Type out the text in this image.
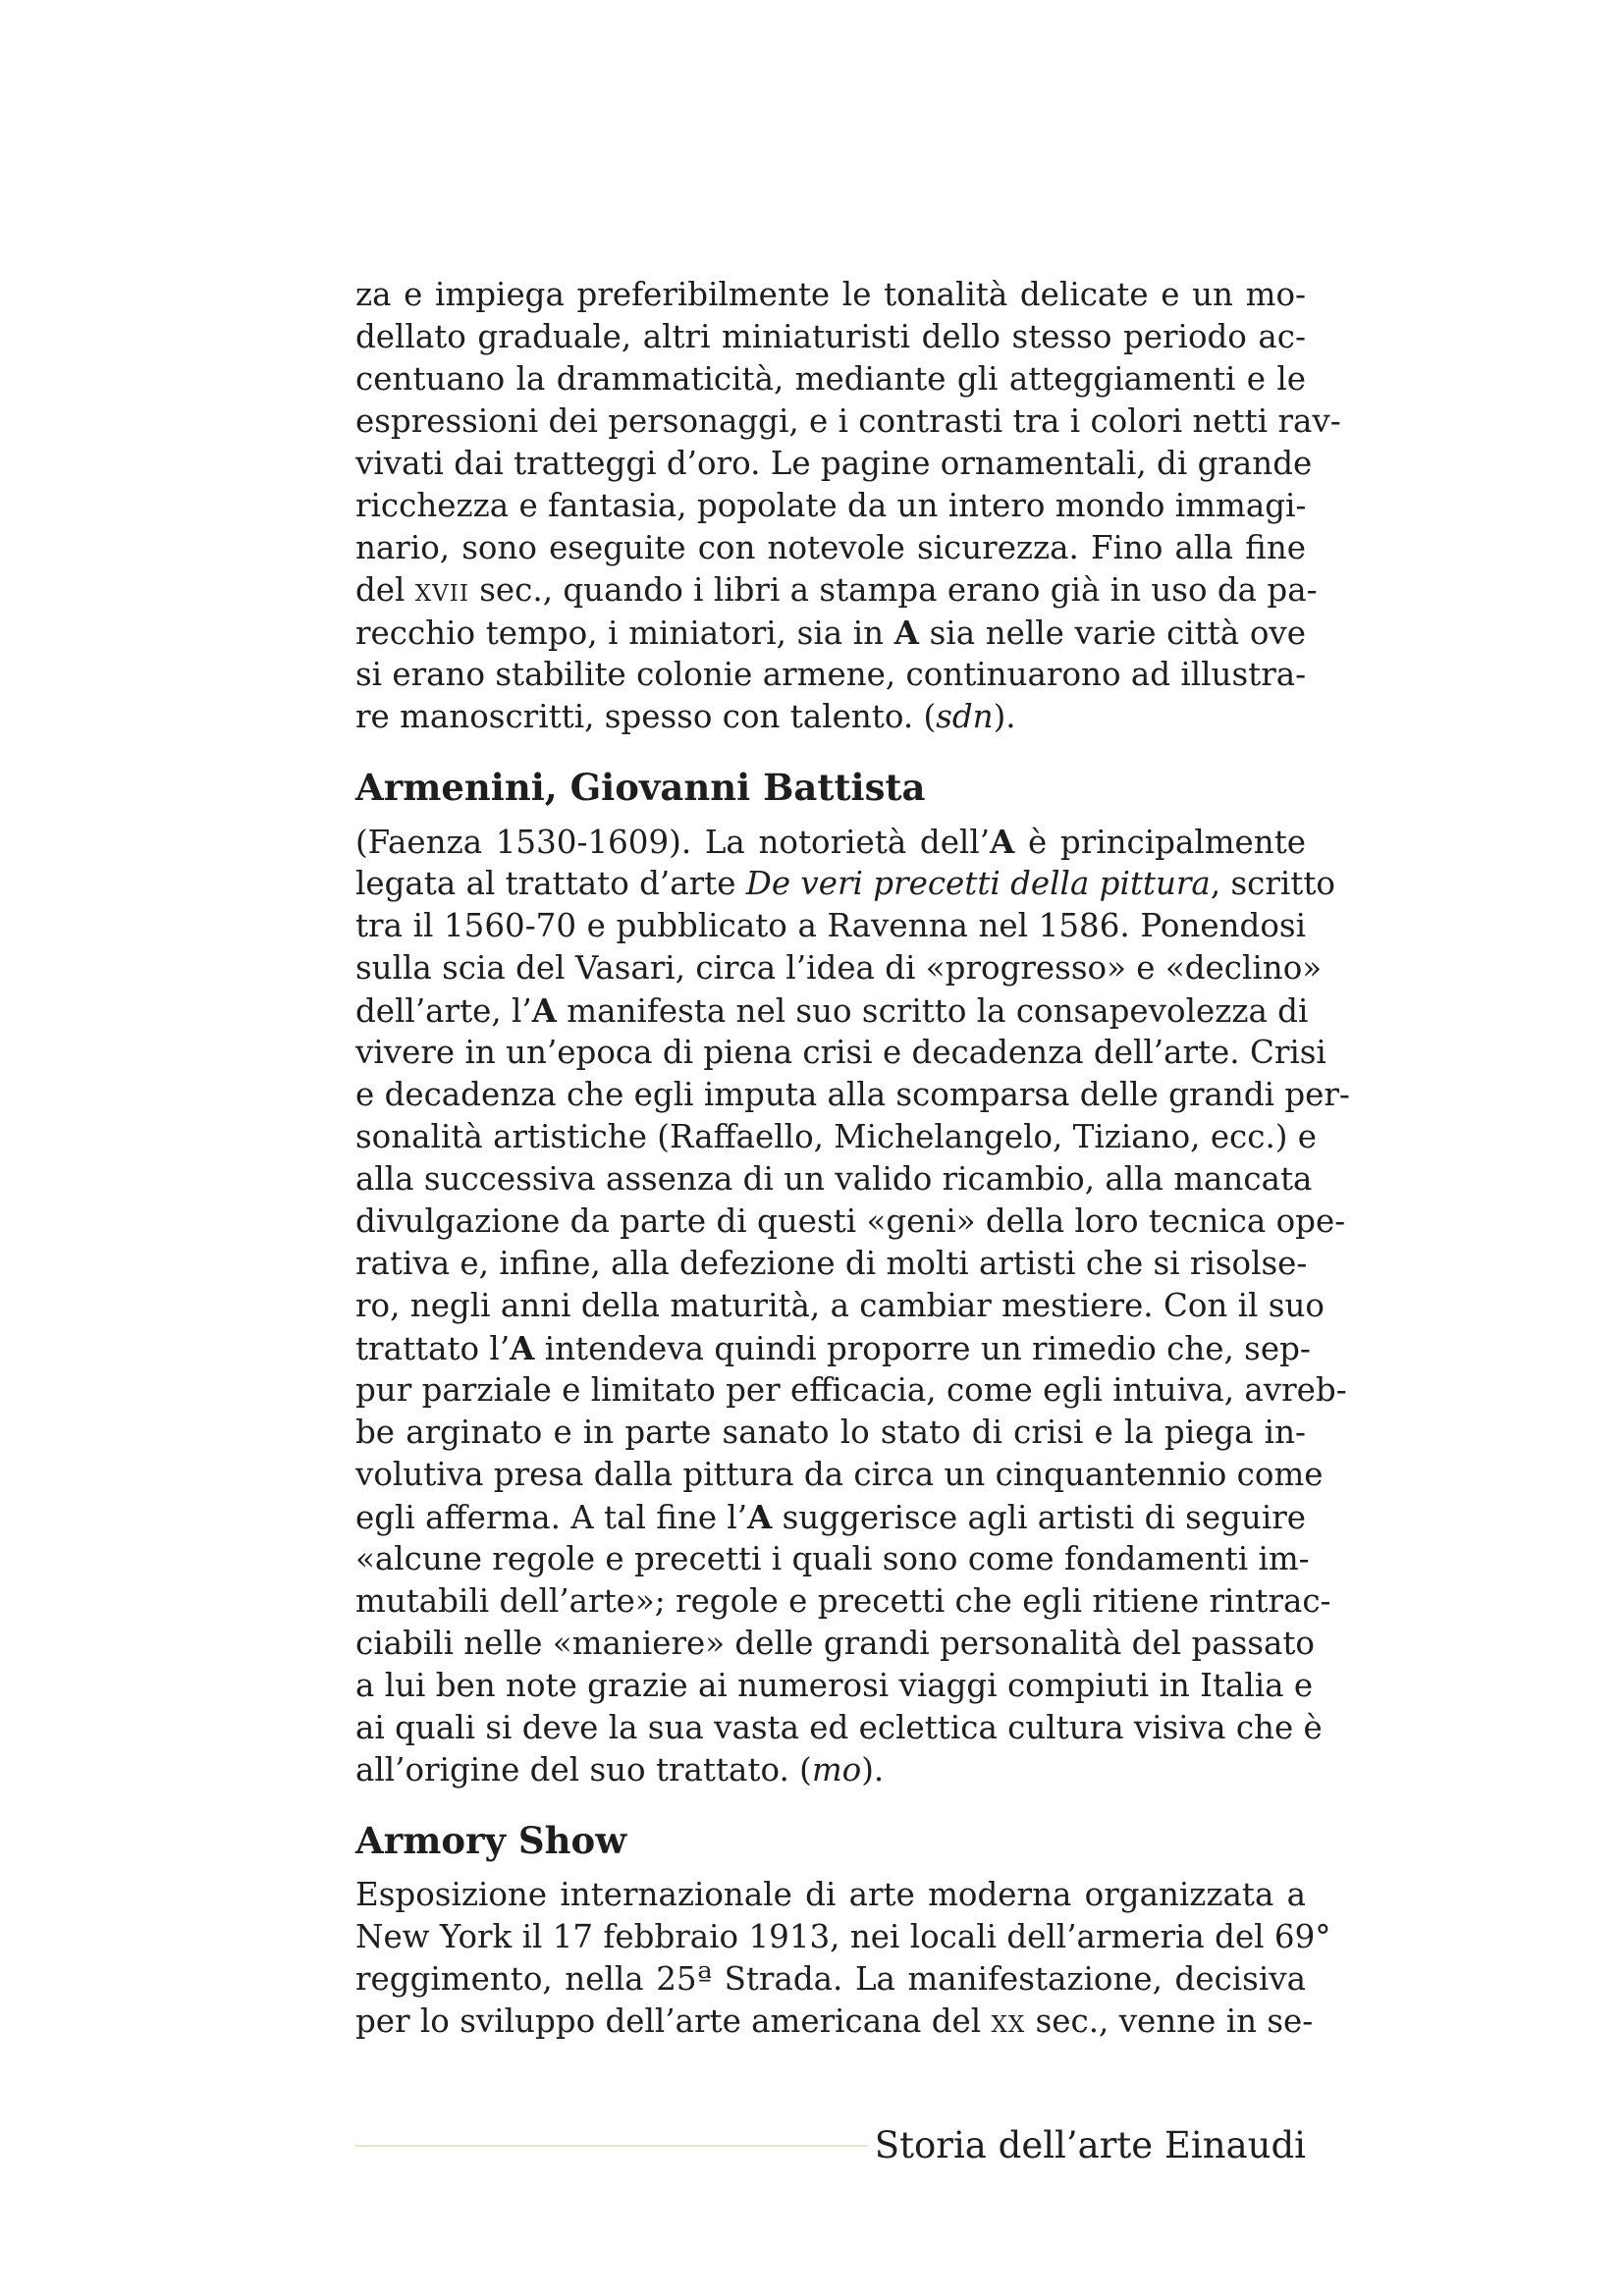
za e impiega preferibilmente le tonalità delicate e un mo-
dellato graduale, altri miniaturisti dello stesso periodo ac-
centuano la drammaticità, mediante gli atteggiamenti e le
espressioni dei personaggi, e i contrasti tra i colori netti rav-
vivati dai tratteggi d’oro. Le pagine ornamentali, di grande
ricchezza e fantasia, popolate da un intero mondo immagi-
nario, sono eseguite con notevole sicurezza. Fino alla fine
del xvii sec., quando i libri a stampa erano già in uso da pa-
recchio tempo, i miniatori, sia in A sia nelle varie città ove
si erano stabilite colonie armene, continuarono ad illustra-
re manoscritti, spesso con talento. (sdn).
Armenini, Giovanni Battista
(Faenza 1530-1609). La notorietà dell’A è principalmente
legata al trattato d’arte De veri precetti della pittura, scritto
tra il 1560-70 e pubblicato a Ravenna nel 1586. Ponendosi
sulla scia del Vasari, circa l’idea di «progresso» e «declino»
dell’arte, l’A manifesta nel suo scritto la consapevolezza di
vivere in un’epoca di piena crisi e decadenza dell’arte. Crisi
e decadenza che egli imputa alla scomparsa delle grandi per-
sonalità artistiche (Raffaello, Michelangelo, Tiziano, ecc.) e
alla successiva assenza di un valido ricambio, alla mancata
divulgazione da parte di questi «geni» della loro tecnica ope-
rativa e, infine, alla defezione di molti artisti che si risolse-
ro, negli anni della maturità, a cambiar mestiere. Con il suo
trattato l’A intendeva quindi proporre un rimedio che, sep-
pur parziale e limitato per efficacia, come egli intuiva, avreb-
be arginato e in parte sanato lo stato di crisi e la piega in-
volutiva presa dalla pittura da circa un cinquantennio come
egli afferma. A tal fine l’A suggerisce agli artisti di seguire
«alcune regole e precetti i quali sono come fondamenti im-
mutabili dell’arte»; regole e precetti che egli ritiene rintrac-
ciabili nelle «maniere» delle grandi personalità del passato
a lui ben note grazie ai numerosi viaggi compiuti in Italia e
ai quali si deve la sua vasta ed eclettica cultura visiva che è
all’origine del suo trattato. (mo).
Armory Show
Esposizione internazionale di arte moderna organizzata a
New York il 17 febbraio 1913, nei locali dell’armeria del 69°
reggimento, nella 25ª Strada. La manifestazione, decisiva
per lo sviluppo dell’arte americana del xx sec., venne in se-
Storia dell’arte Einaudi
